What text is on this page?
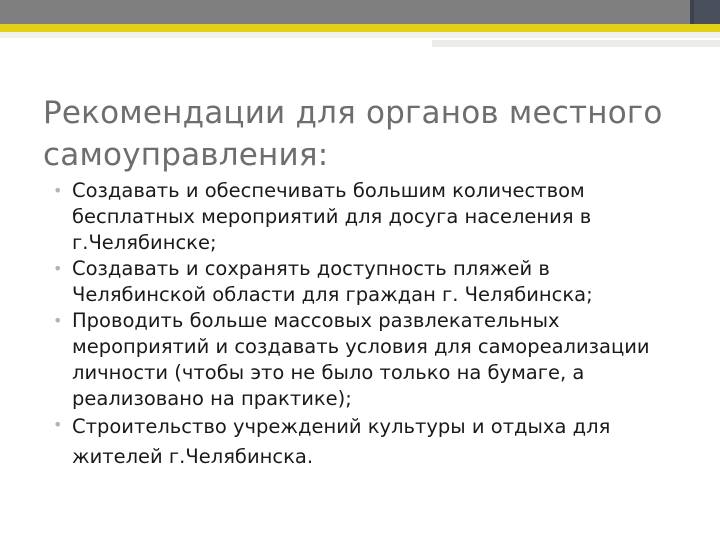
Рекомендации для органов местного
самоуправления:
• Создавать и обеспечивать большим количеством бесплатных мероприятий для досуга населения в г.Челябинске;
• Создавать и сохранять доступность пляжей в Челябинской области для граждан г. Челябинска;
• Проводить больше массовых развлекательных мероприятий и создавать условия для самореализации личности (чтобы это не было только на бумаге, а реализовано на практике);
• Строительство учреждений культуры и отдыха для жителей г.Челябинска.
